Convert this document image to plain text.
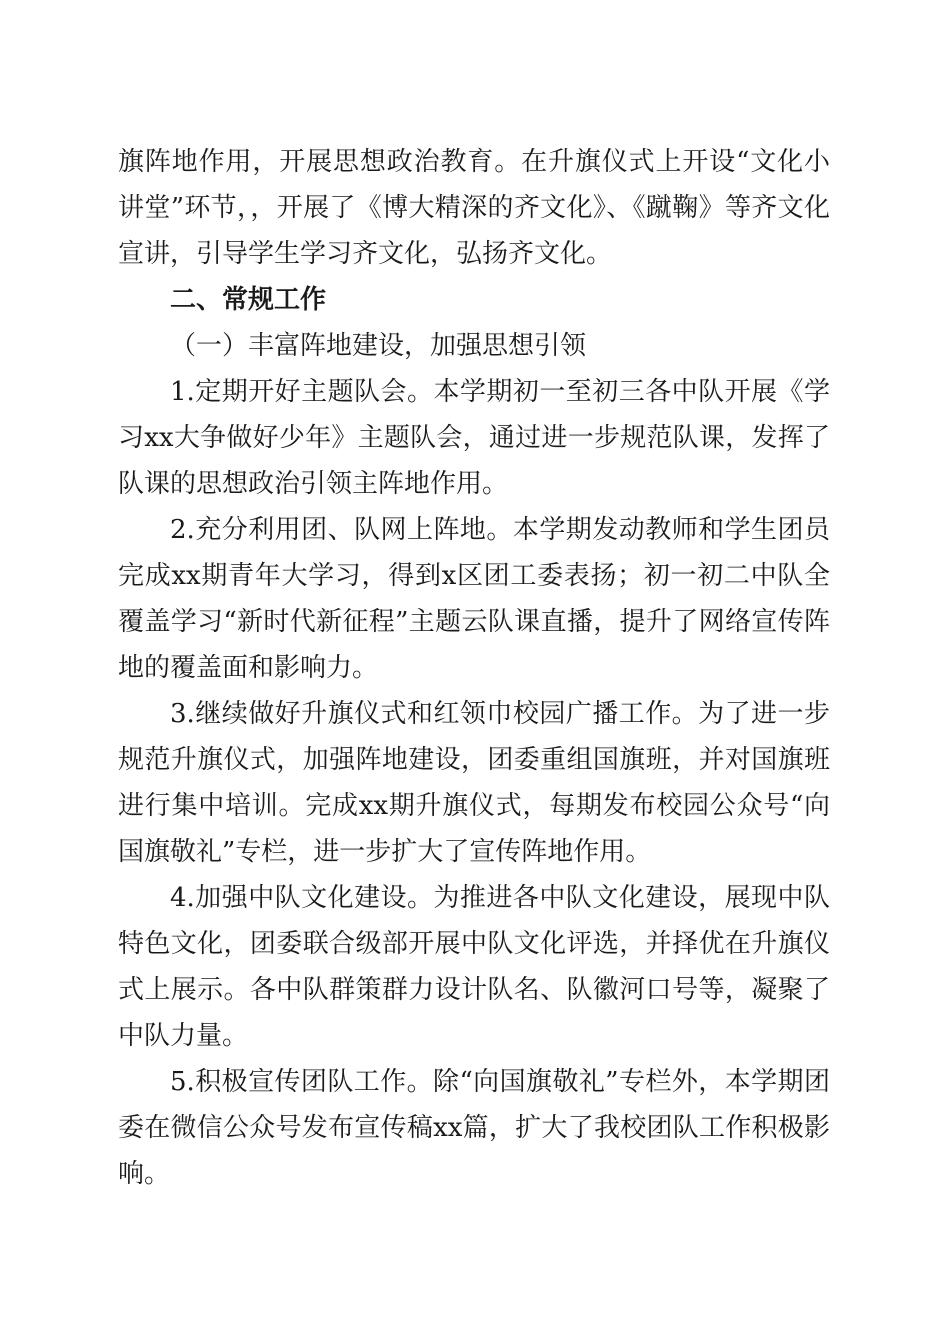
旗阵地作用，开展思想政治教育。在升旗仪式上开设“文化小讲堂”环节，，开展了《博大精深的齐文化》、《蹴鞠》等齐文化宣讲，引导学生学习齐文化，弘扬齐文化。

二、常规工作

（一）丰富阵地建设，加强思想引领

1.定期开好主题队会。本学期初一至初三各中队开展《学习xx大争做好少年》主题队会，通过进一步规范队课，发挥了队课的思想政治引领主阵地作用。

2.充分利用团、队网上阵地。本学期发动教师和学生团员完成xx期青年大学习，得到x区团工委表扬；初一初二中队全覆盖学习“新时代新征程”主题云队课直播，提升了网络宣传阵地的覆盖面和影响力。

3.继续做好升旗仪式和红领巾校园广播工作。为了进一步规范升旗仪式，加强阵地建设，团委重组国旗班，并对国旗班进行集中培训。完成xx期升旗仪式，每期发布校园公众号“向国旗敬礼”专栏，进一步扩大了宣传阵地作用。

4.加强中队文化建设。为推进各中队文化建设，展现中队特色文化，团委联合级部开展中队文化评选，并择优在升旗仪式上展示。各中队群策群力设计队名、队徽河口号等，凝聚了中队力量。

5.积极宣传团队工作。除“向国旗敬礼”专栏外，本学期团委在微信公众号发布宣传稿xx篇，扩大了我校团队工作积极影响。
